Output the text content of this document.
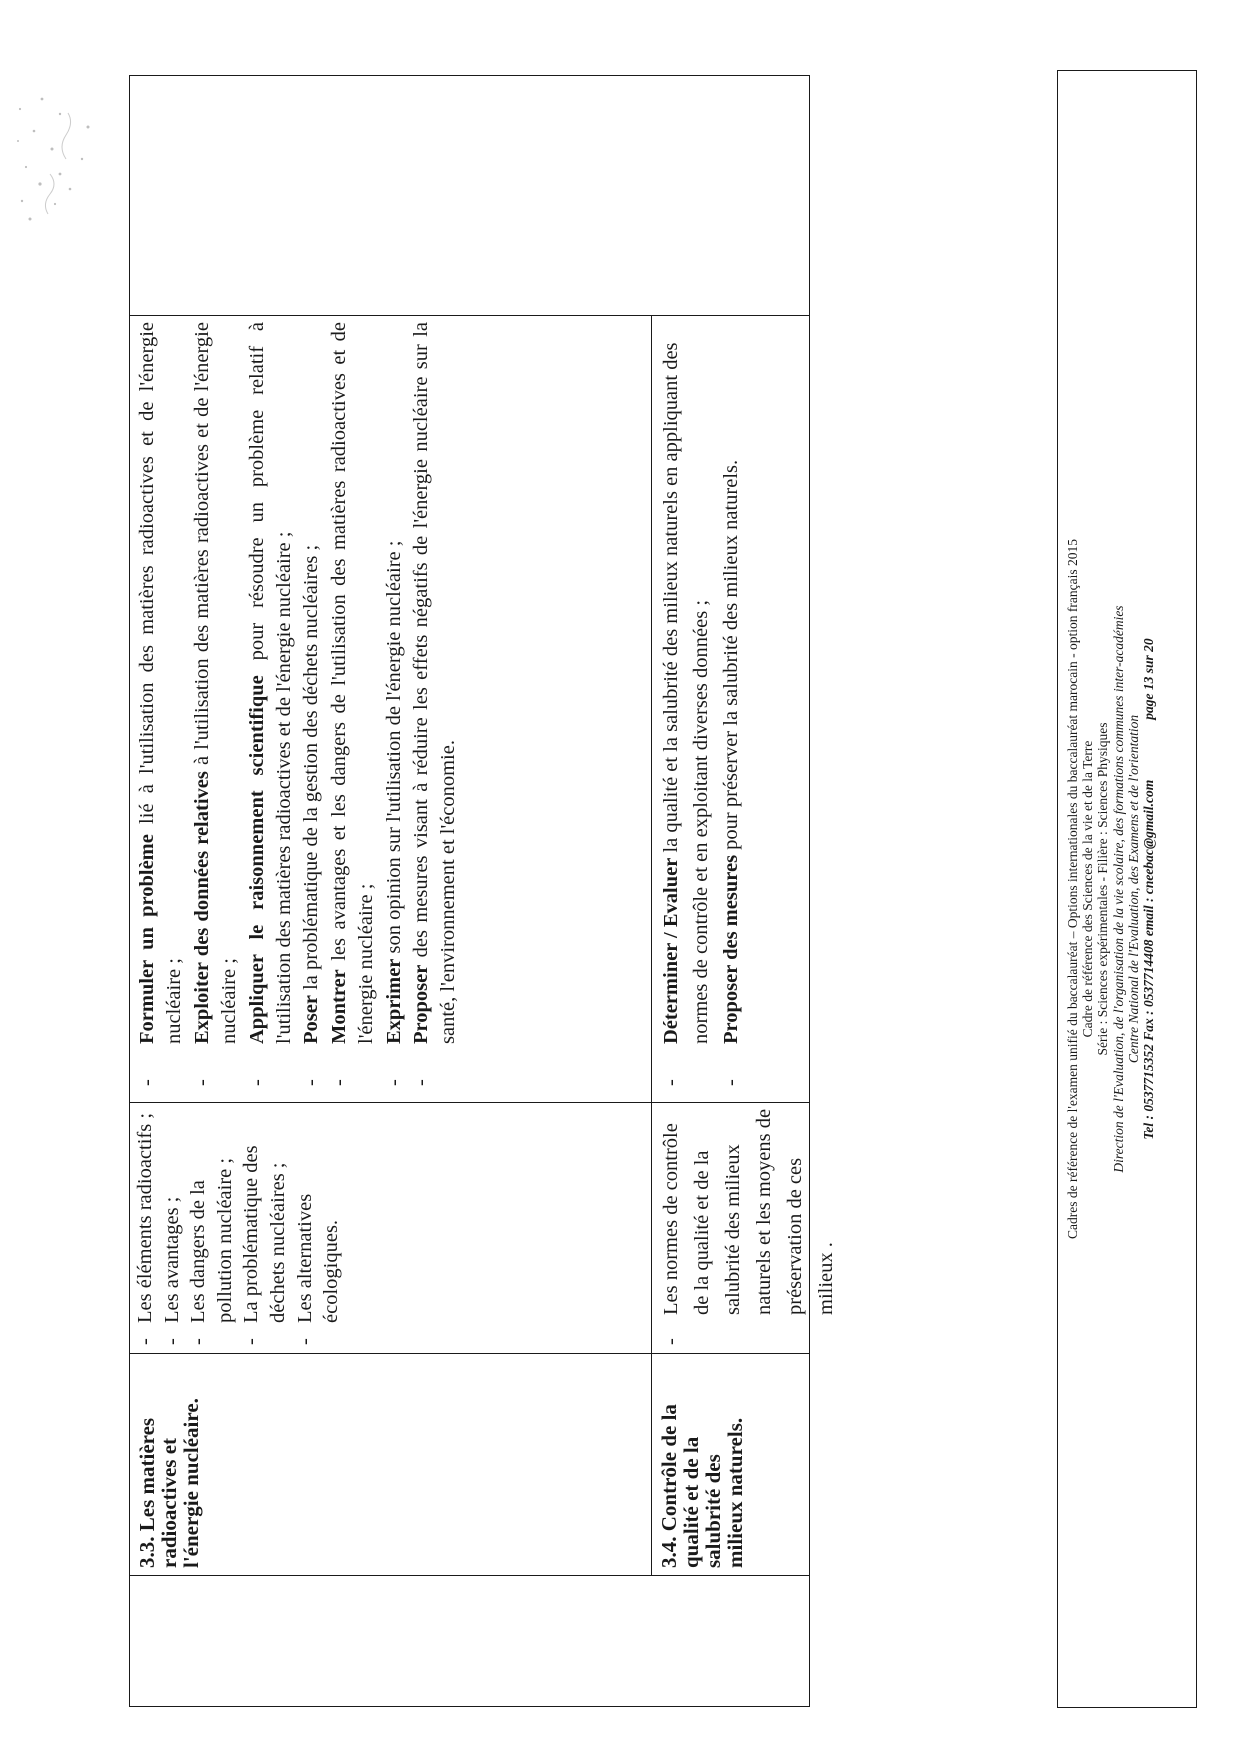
3.3. Les matières
radioactives et
l'énergie nucléaire.
- Les éléments radioactifs ; - Les avantages ; - Les dangers de la pollution nucléaire ; - La problématique des déchets nucléaires ; - Les alternatives écologiques.
- Formuler un problème lié à l'utilisation des matières radioactives et de l'énergie nucléaire ; - Exploiter des données relatives à l'utilisation des matières radioactives et de l'énergie nucléaire ; - Appliquer le raisonnement scientifique pour résoudre un problème relatif à l'utilisation des matières radioactives et de l'énergie nucléaire ; - Poser la problématique de la gestion des déchets nucléaires ;
- Montrer les avantages et les dangers de l'utilisation des matières radioactives et de l'énergie nucléaire ; - Exprimer son opinion sur l'utilisation de l'énergie nucléaire ;
- Proposer des mesures visant à réduire les effets négatifs de l'énergie nucléaire sur la santé, l'environnement et l'économie.
3.4. Contrôle de la
qualité et de la
salubrité des
milieux naturels.
- Les normes de contrôle de la qualité et de la salubrité des milieux naturels et les moyens de préservation de ces milieux .
- Déterminer / Evaluer la qualité et la salubrité des milieux naturels en appliquant des normes de contrôle et en exploitant diverses données ; - Proposer des mesures pour préserver la salubrité des milieux naturels.	Cadres de référence de l'examen unifié du baccalauréat – Options internationales du baccalauréat marocain - option français 2015 Cadre de référence des Sciences de la vie et de la Terre Série : Sciences expérimentales - Filière : Sciences Physiques Direction de l'Evaluation, de l'organisation de la vie scolaire, des formations communes inter-académies Centre National de l'Evaluation, des Examens et de l'orientation Tel : 0537715352 Fax : 0537714408 email : cneebac@gmail.compage 13 sur 20
